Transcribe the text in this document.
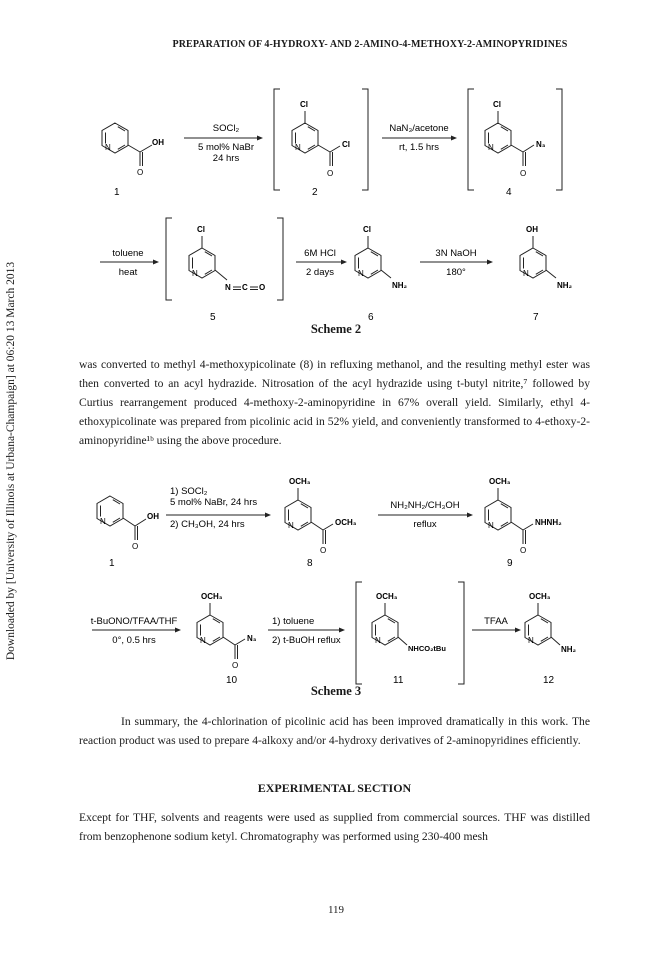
Downloaded by [University of Illinois at Urbana-Champaign] at 06:20 13 March 2013
PREPARATION OF 4-HYDROXY- AND 2-AMINO-4-METHOXY-2-AMINOPYRIDINES
N
O
OH
1
SOCl₂
5 mol% NaBr
24 hrs
Cl
N
O
Cl
2
NaN₃/acetone
rt, 1.5 hrs
Cl
N
O
N₃
4
toluene
heat
Cl
N
N C O
5
6M HCl
2 days
Cl
N
NH₂
6
3N NaOH
180°
OH
N
NH₂
7
Scheme 2

was converted to methyl 4-methoxypicolinate (8) in refluxing methanol, and the resulting methyl ester was then converted to an acyl hydrazide. Nitrosation of the acyl hydrazide using t-butyl nitrite,⁷ followed by Curtius rearrangement produced 4-methoxy-2-aminopyridine in 67% overall yield. Similarly, ethyl 4-ethoxypicolinate was prepared from picolinic acid in 52% yield, and conveniently transformed to 4-ethoxy-2-aminopyridine¹ᵇ using the above procedure.

N
O
OH
1
1) SOCl₂
5 mol% NaBr, 24 hrs
2) CH₃OH, 24 hrs
OCH₃
N
O
OCH₃
8
NH₂NH₂/CH₃OH
reflux
OCH₃
N
O
NHNH₂
9
t-BuONO/TFAA/THF
0°, 0.5 hrs
OCH₃
N
O
N₃
10
1) toluene
2) t-BuOH reflux
OCH₃
N
NHCO₂tBu
11
TFAA
OCH₃
N
NH₂
12
Scheme 3

In summary, the 4-chlorination of picolinic acid has been improved dramatically in this work. The reaction product was used to prepare 4-alkoxy and/or 4-hydroxy derivatives of 2-aminopyridines efficiently.

EXPERIMENTAL SECTION

Except for THF, solvents and reagents were used as supplied from commercial sources. THF was distilled from benzophenone sodium ketyl. Chromatography was performed using 230-400 mesh

119
